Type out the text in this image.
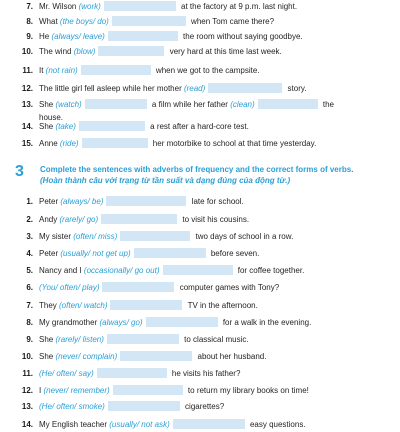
7. Mr. Wilson (work)	at the factory at 9 p.m. last night.
8. What (the boys/ do)	when Tom came there?
9. He (always/ leave)	the room without saying goodbye.
10. The wind (blow)	very hard at this time last week.
11. It (not rain)	when we got to the campsite.
12. The little girl fell asleep while her mother (read)	story.
13. She (watch)	a film while her father (clean)	the
house.
14. She (take)	a rest after a hard-core test.
15. Anne (ride)	her motorbike to school at that time yesterday.
3 Complete the sentences with adverbs of frequency and the correct forms of verbs.
(Hoàn thành câu với trạng từ tần suất và dạng đúng của động từ.)
1. Peter (always/ be)	late for school.
2. Andy (rarely/ go)	to visit his cousins.
3. My sister (often/ miss)	two days of school in a row.
4. Peter (usually/ not get up)	before seven.
5. Nancy and I (occasionally/ go out)	for coffee together.
6. (You/ often/ play)	computer games with Tony?
7. They (often/ watch)	TV in the afternoon.
8. My grandmother (always/ go)	for a walk in the evening.
9. She (rarely/ listen)	to classical music.
10. She (never/ complain)	about her husband.
11. (He/ often/ say)	he visits his father?
12. I (never/ remember)	to return my library books on time!
13. (He/ often/ smoke)	cigarettes?
14. My English teacher (usually/ not ask)	easy questions.
